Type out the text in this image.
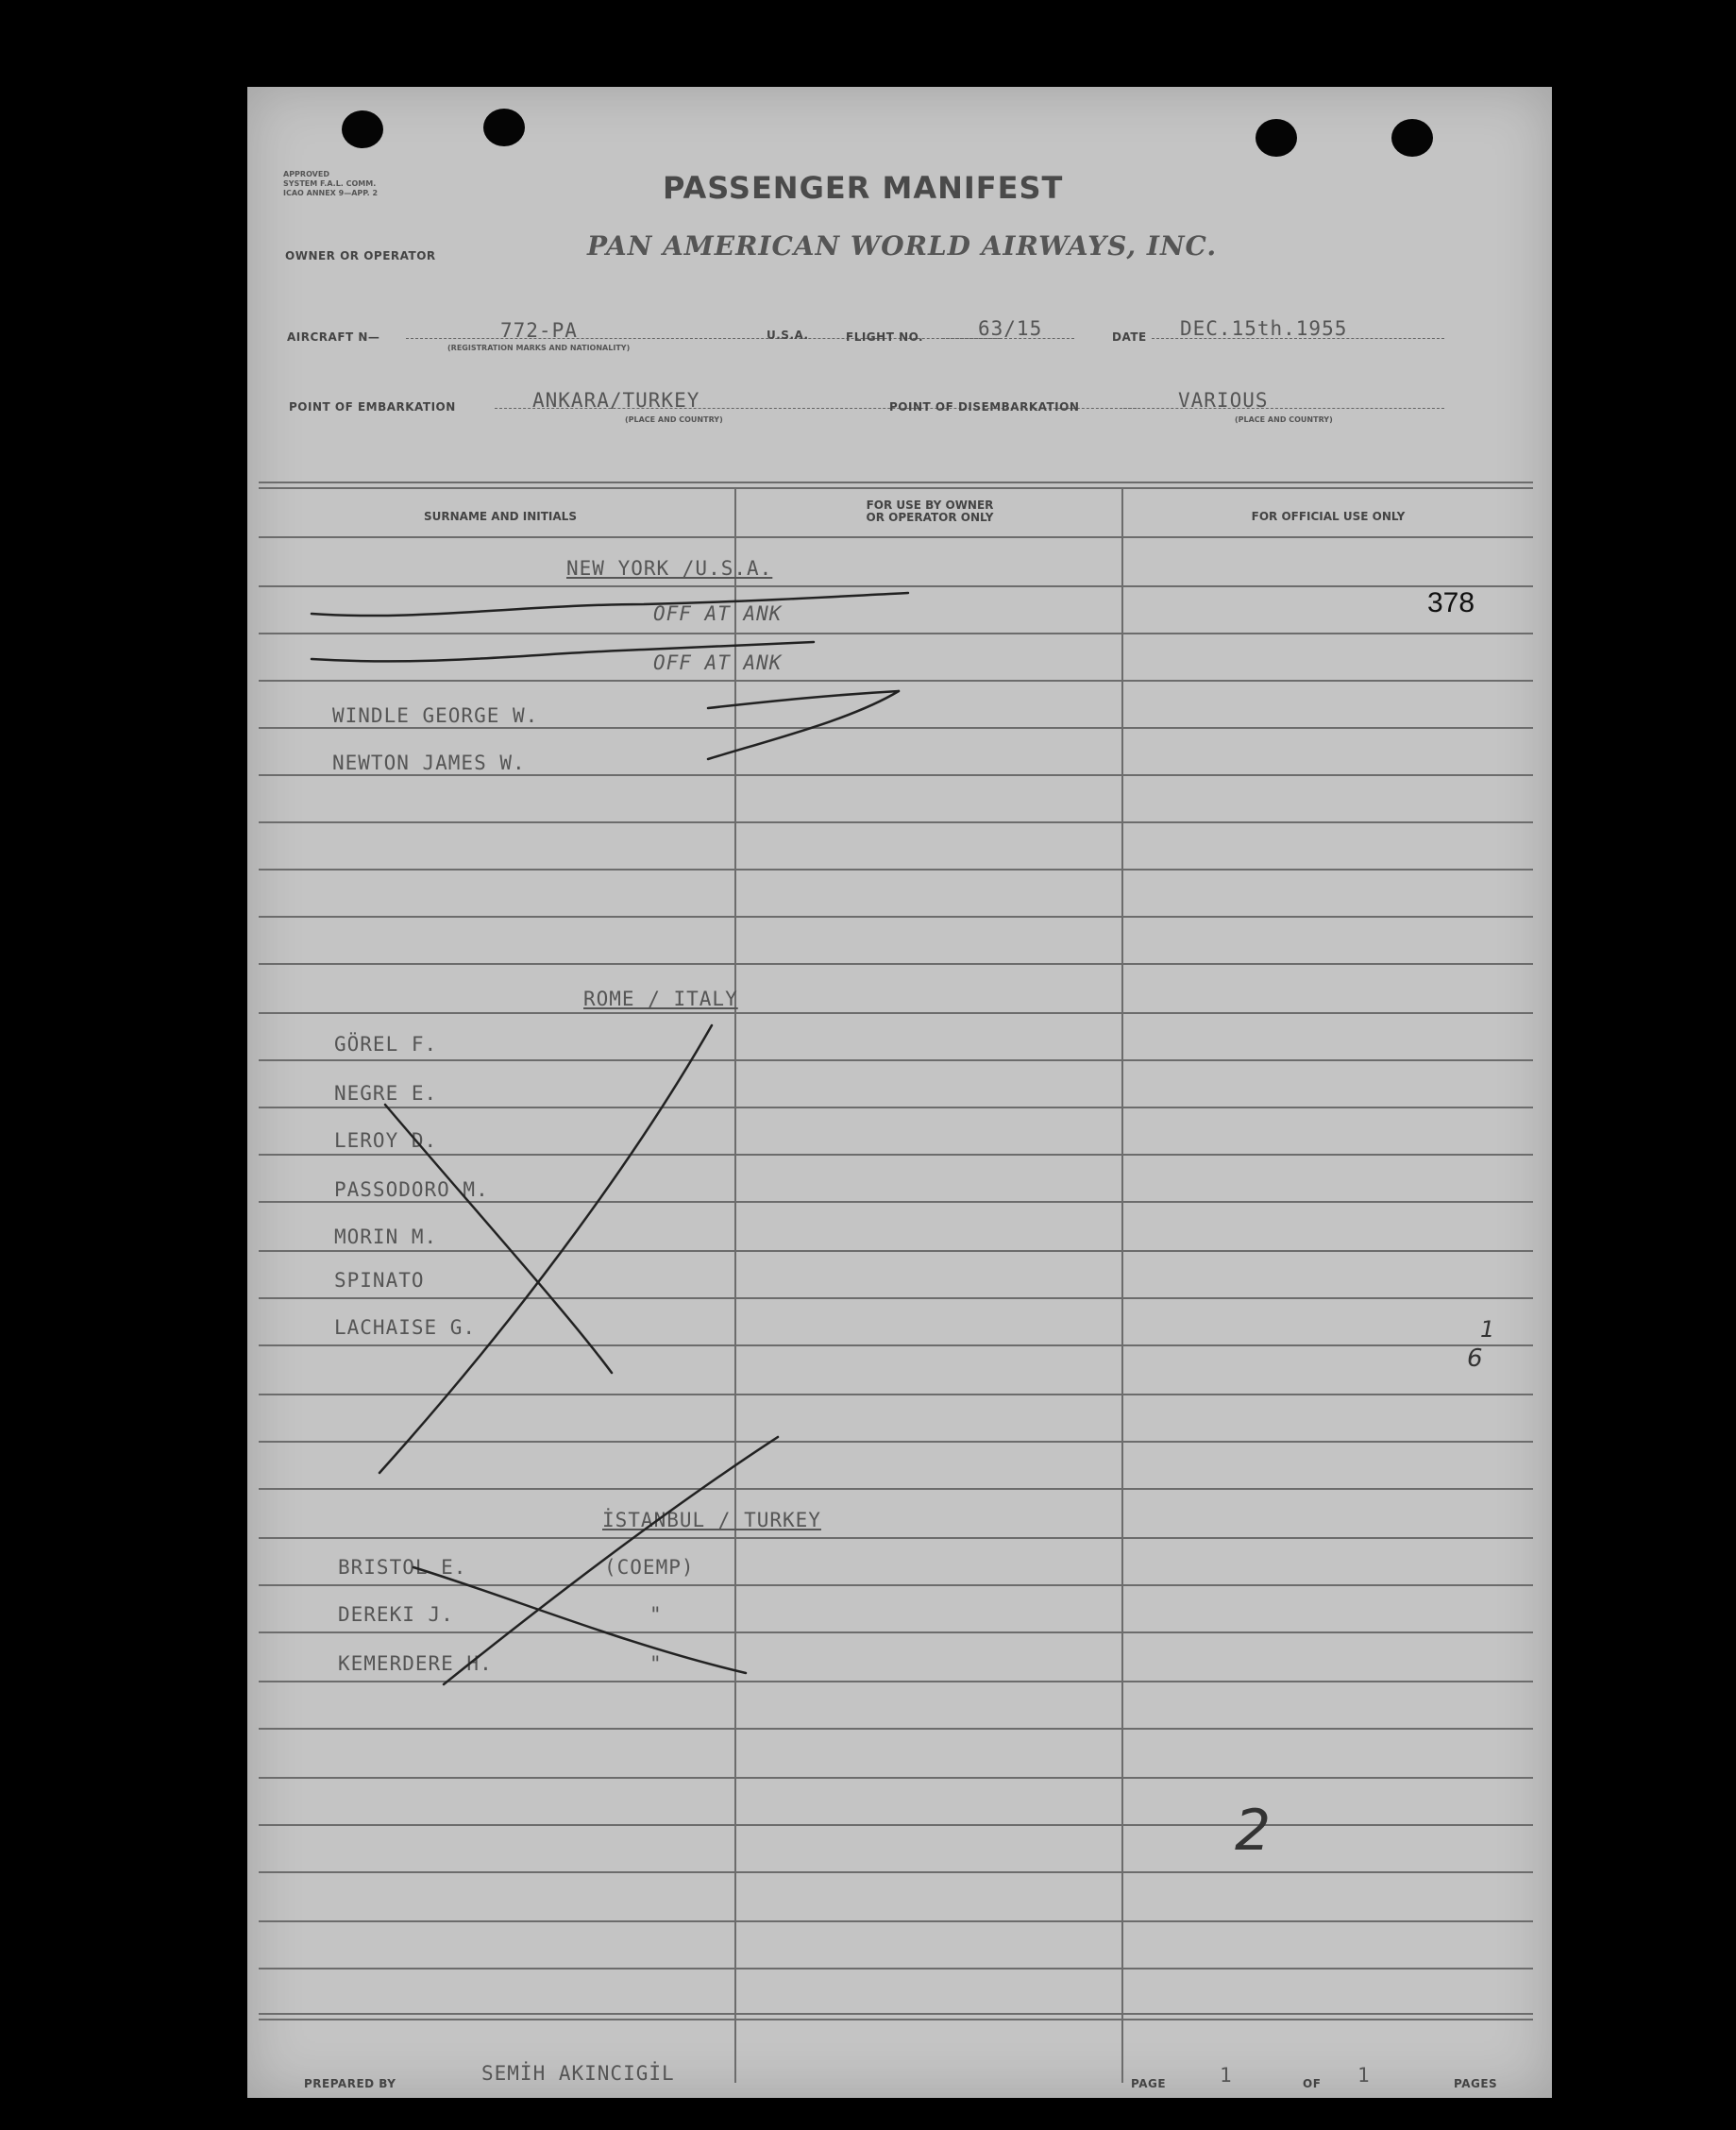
APPROVED
SYSTEM F.A.L. COMM.
ICAO ANNEX 9—APP. 2	PASSENGER MANIFEST
OWNER OR OPERATOR	PAN AMERICAN WORLD AIRWAYS, INC.
AIRCRAFT N—	772-PA
(REGISTRATION MARKS AND NATIONALITY)
U.S.A.	FLIGHT NO.	63/15	DATE DEC.15th.1955
POINT OF EMBARKATION	ANKARA/TURKEY
(PLACE AND COUNTRY)
POINT OF DISEMBARKATION	VARIOUS
(PLACE AND COUNTRY)
SURNAME AND INITIALS
FOR USE BY OWNER
OR OPERATOR ONLY	FOR OFFICIAL USE ONLY
NEW YORK /U.S.A.
OFF AT ANK
OFF AT ANK
WINDLE GEORGE W.
NEWTON JAMES W.
ROME / ITALY
GÖREL F.
NEGRE E.
LEROY D.
PASSODORO M.
MORIN M.
SPINATO
LACHAISE G.
İSTANBUL / TURKEY
BRISTOL E.	(COEMP)
DEREKI J.	"
KEMERDERE H.	"
378
1
6
2
PREPARED BY	SEMİH AKINCIGİL	PAGE	1	OF 1	PAGES
